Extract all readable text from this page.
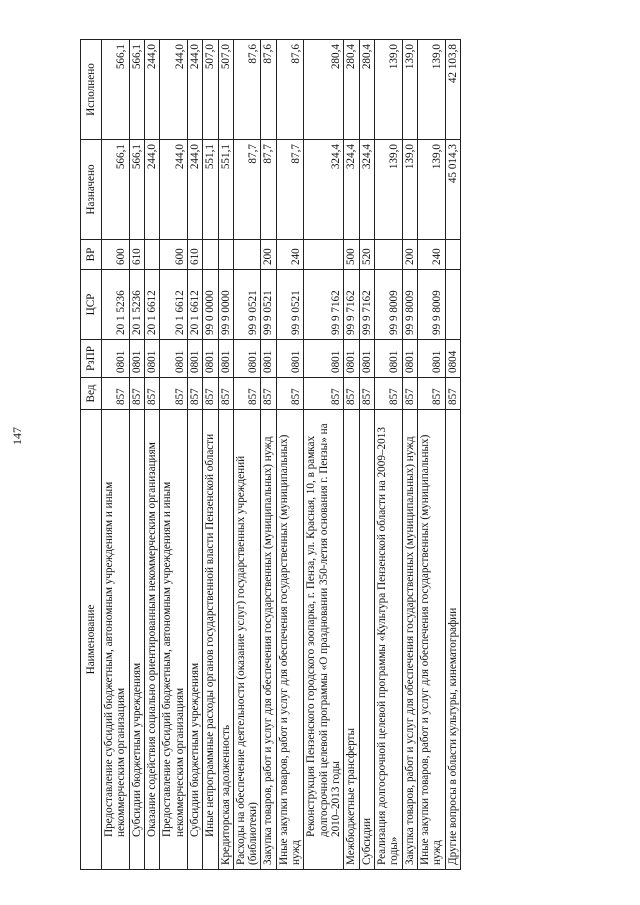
147
Наименование	Вед	РзПР	ЦСР	ВР	Назначено	Исполнено
Предоставление субсидий бюджетным, автономным учреждениям и иным некоммерческим организациям	857	0801	20 1 5236	600	566,1	566,1
Субсидии бюджетным учреждениям	857	0801	20 1 5236	610	566,1	566,1
Оказание содействия социально ориентированным некоммерческим организациям	857	0801	20 1 6612		244,0	244,0
Предоставление субсидий бюджетным, автономным учреждениям и иным некоммерческим организациям	857	0801	20 1 6612	600	244,0	244,0
Субсидии бюджетным учреждениям	857	0801	20 1 6612	610	244,0	244,0
Иные непрограммные расходы органов государственной власти Пензенской области	857	0801	99 0 0000		551,1	507,0
Кредиторская задолженность	857	0801	99 9 0000		551,1	507,0
Расходы на обеспечение деятельности (оказание услуг) государственных учреждений (библиотеки)	857	0801	99 9 0521		87,7	87,6
Закупка товаров, работ и услуг для обеспечения государственных (муниципальных) нужд	857	0801	99 9 0521	200	87,7	87,6
Иные закупки товаров, работ и услуг для обеспечения государственных (муниципальных) нужд	857	0801	99 9 0521	240	87,7	87,6
Реконструкция Пензенского городского зоопарка, г. Пенза, ул. Красная, 10, в рамках долгосрочной целевой программы «О праздновании 350-летия основания г. Пензы» на 2010–2013 годы	857	0801	99 9 7162		324,4	280,4
Межбюджетные трансферты	857	0801	99 9 7162	500	324,4	280,4
Субсидии	857	0801	99 9 7162	520	324,4	280,4
Реализация долгосрочной целевой программы «Культура Пензенской области на 2009–2013 годы»	857	0801	99 9 8009		139,0	139,0
Закупка товаров, работ и услуг для обеспечения государственных (муниципальных) нужд	857	0801	99 9 8009	200	139,0	139,0
Иные закупки товаров, работ и услуг для обеспечения государственных (муниципальных) нужд	857	0801	99 9 8009	240	139,0	139,0
Другие вопросы в области культуры, кинематографии	857	0804			45 014,3	42 103,8
